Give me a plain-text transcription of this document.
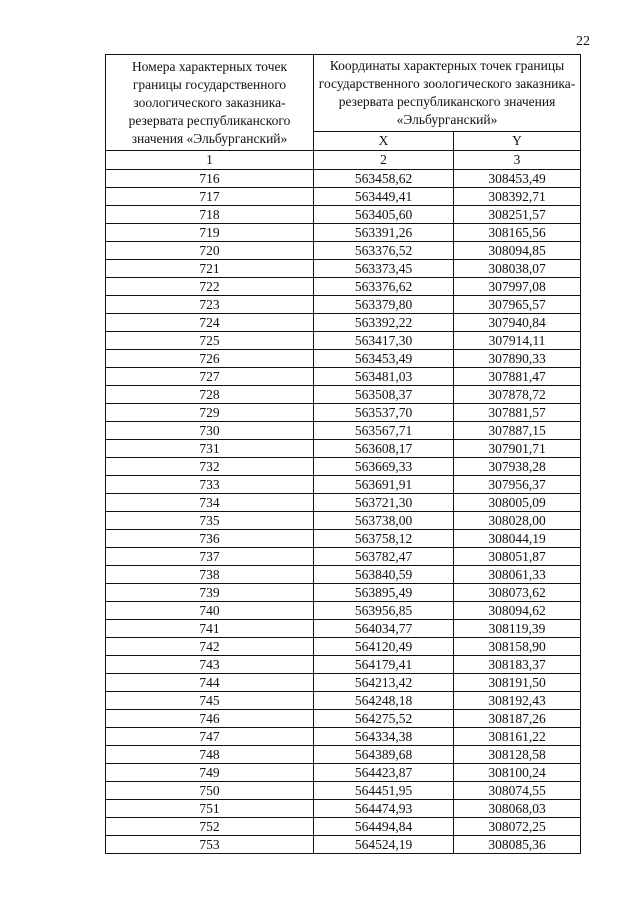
22
Номера характерных точек границы государственного зоологического заказника-резервата республиканского значения «Эльбурганский»	Координаты характерных точек границы государственного зоологического заказника-резервата республиканского значения «Эльбурганский»	
	X	Y
1	2	3
716	563458,62	308453,49
717	563449,41	308392,71
718	563405,60	308251,57
719	563391,26	308165,56
720	563376,52	308094,85
721	563373,45	308038,07
722	563376,62	307997,08
723	563379,80	307965,57
724	563392,22	307940,84
725	563417,30	307914,11
726	563453,49	307890,33
727	563481,03	307881,47
728	563508,37	307878,72
729	563537,70	307881,57
730	563567,71	307887,15
731	563608,17	307901,71
732	563669,33	307938,28
733	563691,91	307956,37
734	563721,30	308005,09
735	563738,00	308028,00
736	563758,12	308044,19
737	563782,47	308051,87
738	563840,59	308061,33
739	563895,49	308073,62
740	563956,85	308094,62
741	564034,77	308119,39
742	564120,49	308158,90
743	564179,41	308183,37
744	564213,42	308191,50
745	564248,18	308192,43
746	564275,52	308187,26
747	564334,38	308161,22
748	564389,68	308128,58
749	564423,87	308100,24
750	564451,95	308074,55
751	564474,93	308068,03
752	564494,84	308072,25
753	564524,19	308085,36
